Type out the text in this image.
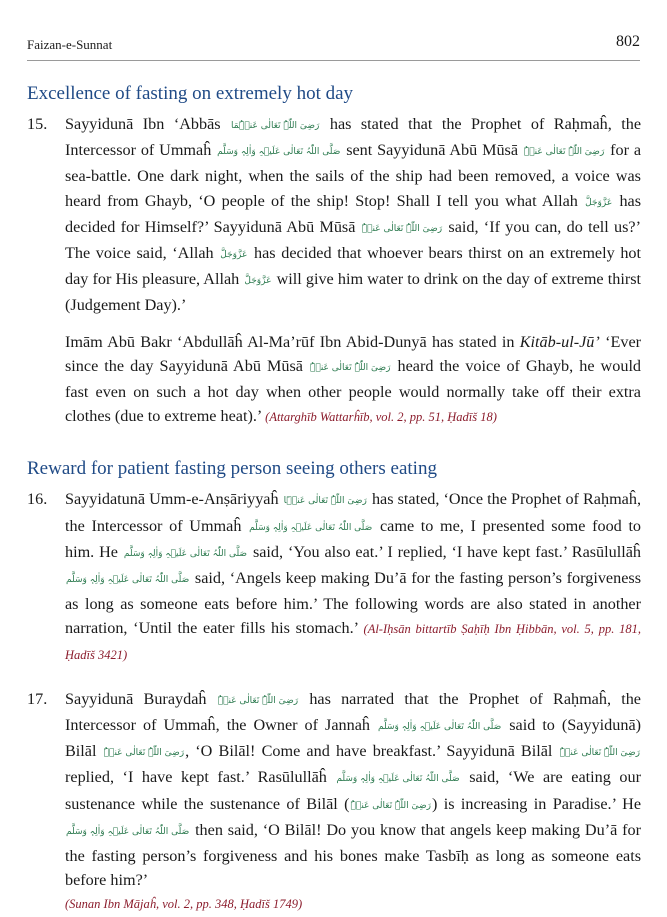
Faizan-e-Sunnat	802
Excellence of fasting on extremely hot day
15.	Sayyidunā Ibn ‘Abbās رَضِیَ اللّٰہُ تَعَالٰی عَنۡہُمَا has stated that the Prophet of Raḥmaĥ, the Intercessor of Ummaĥ صَلَّی اللّٰہُ تَعَالٰی عَلَیۡہِ وَاٰلِہٖ وَسَلَّم sent Sayyidunā Abū Mūsā رَضِیَ اللّٰہُ تَعَالٰی عَنۡہُ for a sea-battle. One dark night, when the sails of the ship had been removed, a voice was heard from Ghayb, ‘O people of the ship! Stop! Shall I tell you what Allah عَزَّوَجَلَّ has decided for Himself?’ Sayyidunā Abū Mūsā رَضِیَ اللّٰہُ تَعَالٰی عَنۡہُ said, ‘If you can, do tell us?’ The voice said, ‘Allah عَزَّوَجَلَّ has decided that whoever bears thirst on an extremely hot day for His pleasure, Allah عَزَّوَجَلَّ will give him water to drink on the day of extreme thirst (Judgement Day).’
Imām Abū Bakr ‘Abdullāĥ Al-Ma’rūf Ibn Abid-Dunyā has stated in Kitāb-ul-Jū’ ‘Ever since the day Sayyidunā Abū Mūsā رَضِیَ اللّٰہُ تَعَالٰی عَنۡہُ heard the voice of Ghayb, he would fast even on such a hot day when other people would normally take off their extra clothes (due to extreme heat).’ (Attarghīb Wattarĥīb, vol. 2, pp. 51, Ḥadīš 18)
Reward for patient fasting person seeing others eating
16.	Sayyidatunā Umm-e-Anṣāriyyaĥ رَضِیَ اللّٰہُ تَعَالٰی عَنۡہَا has stated, ‘Once the Prophet of Raḥmaĥ, the Intercessor of Ummaĥ صَلَّی اللّٰہُ تَعَالٰی عَلَیۡہِ وَاٰلِہٖ وَسَلَّم came to me, I presented some food to him. He صَلَّی اللّٰہُ تَعَالٰی عَلَیۡہِ وَاٰلِہٖ وَسَلَّم said, ‘You also eat.’ I replied, ‘I have kept fast.’ Rasūlullāĥ صَلَّی اللّٰہُ تَعَالٰی عَلَیۡہِ وَاٰلِہٖ وَسَلَّم said, ‘Angels keep making Du’ā for the fasting person’s forgiveness as long as someone eats before him.’ The following words are also stated in another narration, ‘Until the eater fills his stomach.’ (Al-Iḥsān bittartīb Ṣaḥīḥ Ibn Ḥibbān, vol. 5, pp. 181, Ḥadīš 3421)
17.	Sayyidunā Buraydaĥ رَضِیَ اللّٰہُ تَعَالٰی عَنۡہُ has narrated that the Prophet of Raḥmaĥ, the Intercessor of Ummaĥ, the Owner of Jannaĥ صَلَّی اللّٰہُ تَعَالٰی عَلَیۡہِ وَاٰلِہٖ وَسَلَّم said to (Sayyidunā) Bilāl رَضِیَ اللّٰہُ تَعَالٰی عَنۡہُ, ‘O Bilāl! Come and have breakfast.’ Sayyidunā Bilāl رَضِیَ اللّٰہُ تَعَالٰی عَنۡہُ replied, ‘I have kept fast.’ Rasūlullāĥ صَلَّی اللّٰہُ تَعَالٰی عَلَیۡہِ وَاٰلِہٖ وَسَلَّم said, ‘We are eating our sustenance while the sustenance of Bilāl (رَضِیَ اللّٰہُ تَعَالٰی عَنۡہُ) is increasing in Paradise.’ He صَلَّی اللّٰہُ تَعَالٰی عَلَیۡہِ وَاٰلِہٖ وَسَلَّم then said, ‘O Bilāl! Do you know that angels keep making Du’ā for the fasting person’s forgiveness and his bones make Tasbīḥ as long as someone eats before him?’
(Sunan Ibn Mājaĥ, vol. 2, pp. 348, Ḥadīš 1749)
